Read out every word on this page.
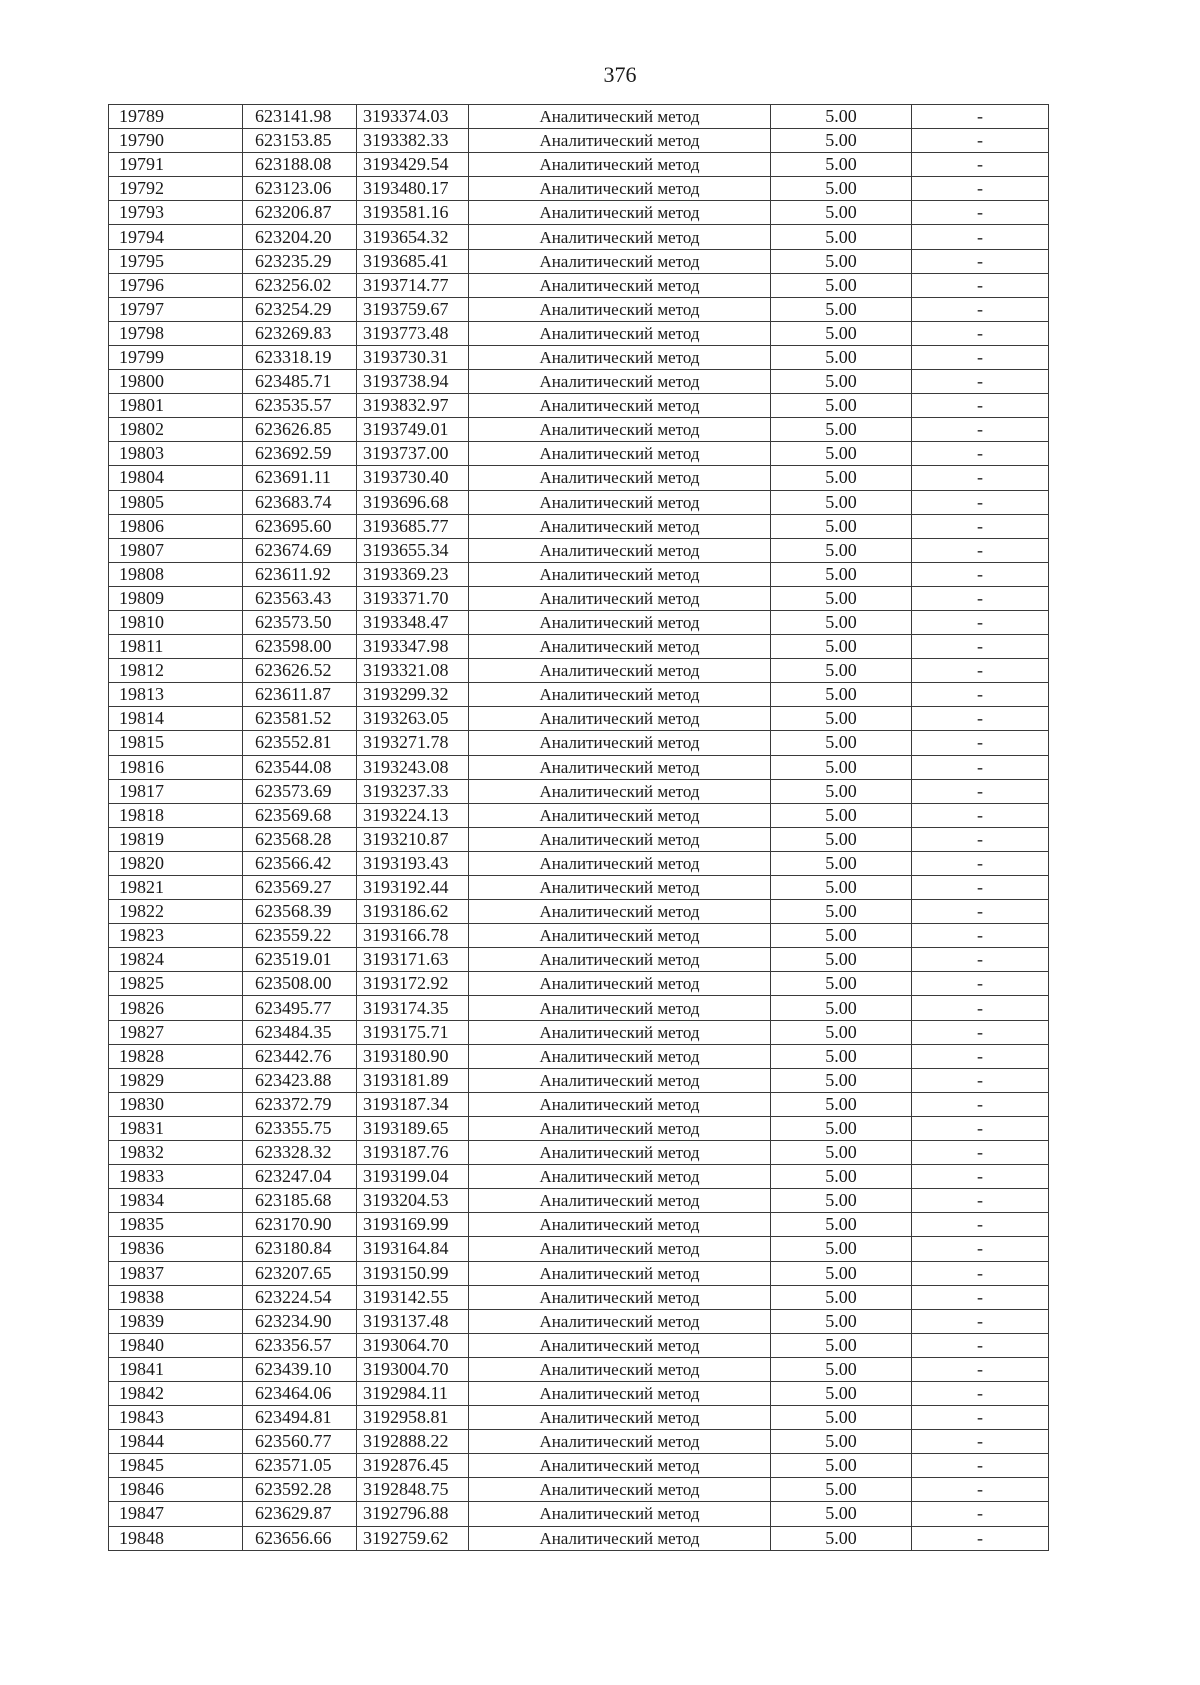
376
19789	623141.98	3193374.03	Аналитический метод	5.00	-
19790	623153.85	3193382.33	Аналитический метод	5.00	-
19791	623188.08	3193429.54	Аналитический метод	5.00	-
19792	623123.06	3193480.17	Аналитический метод	5.00	-
19793	623206.87	3193581.16	Аналитический метод	5.00	-
19794	623204.20	3193654.32	Аналитический метод	5.00	-
19795	623235.29	3193685.41	Аналитический метод	5.00	-
19796	623256.02	3193714.77	Аналитический метод	5.00	-
19797	623254.29	3193759.67	Аналитический метод	5.00	-
19798	623269.83	3193773.48	Аналитический метод	5.00	-
19799	623318.19	3193730.31	Аналитический метод	5.00	-
19800	623485.71	3193738.94	Аналитический метод	5.00	-
19801	623535.57	3193832.97	Аналитический метод	5.00	-
19802	623626.85	3193749.01	Аналитический метод	5.00	-
19803	623692.59	3193737.00	Аналитический метод	5.00	-
19804	623691.11	3193730.40	Аналитический метод	5.00	-
19805	623683.74	3193696.68	Аналитический метод	5.00	-
19806	623695.60	3193685.77	Аналитический метод	5.00	-
19807	623674.69	3193655.34	Аналитический метод	5.00	-
19808	623611.92	3193369.23	Аналитический метод	5.00	-
19809	623563.43	3193371.70	Аналитический метод	5.00	-
19810	623573.50	3193348.47	Аналитический метод	5.00	-
19811	623598.00	3193347.98	Аналитический метод	5.00	-
19812	623626.52	3193321.08	Аналитический метод	5.00	-
19813	623611.87	3193299.32	Аналитический метод	5.00	-
19814	623581.52	3193263.05	Аналитический метод	5.00	-
19815	623552.81	3193271.78	Аналитический метод	5.00	-
19816	623544.08	3193243.08	Аналитический метод	5.00	-
19817	623573.69	3193237.33	Аналитический метод	5.00	-
19818	623569.68	3193224.13	Аналитический метод	5.00	-
19819	623568.28	3193210.87	Аналитический метод	5.00	-
19820	623566.42	3193193.43	Аналитический метод	5.00	-
19821	623569.27	3193192.44	Аналитический метод	5.00	-
19822	623568.39	3193186.62	Аналитический метод	5.00	-
19823	623559.22	3193166.78	Аналитический метод	5.00	-
19824	623519.01	3193171.63	Аналитический метод	5.00	-
19825	623508.00	3193172.92	Аналитический метод	5.00	-
19826	623495.77	3193174.35	Аналитический метод	5.00	-
19827	623484.35	3193175.71	Аналитический метод	5.00	-
19828	623442.76	3193180.90	Аналитический метод	5.00	-
19829	623423.88	3193181.89	Аналитический метод	5.00	-
19830	623372.79	3193187.34	Аналитический метод	5.00	-
19831	623355.75	3193189.65	Аналитический метод	5.00	-
19832	623328.32	3193187.76	Аналитический метод	5.00	-
19833	623247.04	3193199.04	Аналитический метод	5.00	-
19834	623185.68	3193204.53	Аналитический метод	5.00	-
19835	623170.90	3193169.99	Аналитический метод	5.00	-
19836	623180.84	3193164.84	Аналитический метод	5.00	-
19837	623207.65	3193150.99	Аналитический метод	5.00	-
19838	623224.54	3193142.55	Аналитический метод	5.00	-
19839	623234.90	3193137.48	Аналитический метод	5.00	-
19840	623356.57	3193064.70	Аналитический метод	5.00	-
19841	623439.10	3193004.70	Аналитический метод	5.00	-
19842	623464.06	3192984.11	Аналитический метод	5.00	-
19843	623494.81	3192958.81	Аналитический метод	5.00	-
19844	623560.77	3192888.22	Аналитический метод	5.00	-
19845	623571.05	3192876.45	Аналитический метод	5.00	-
19846	623592.28	3192848.75	Аналитический метод	5.00	-
19847	623629.87	3192796.88	Аналитический метод	5.00	-
19848	623656.66	3192759.62	Аналитический метод	5.00	-
